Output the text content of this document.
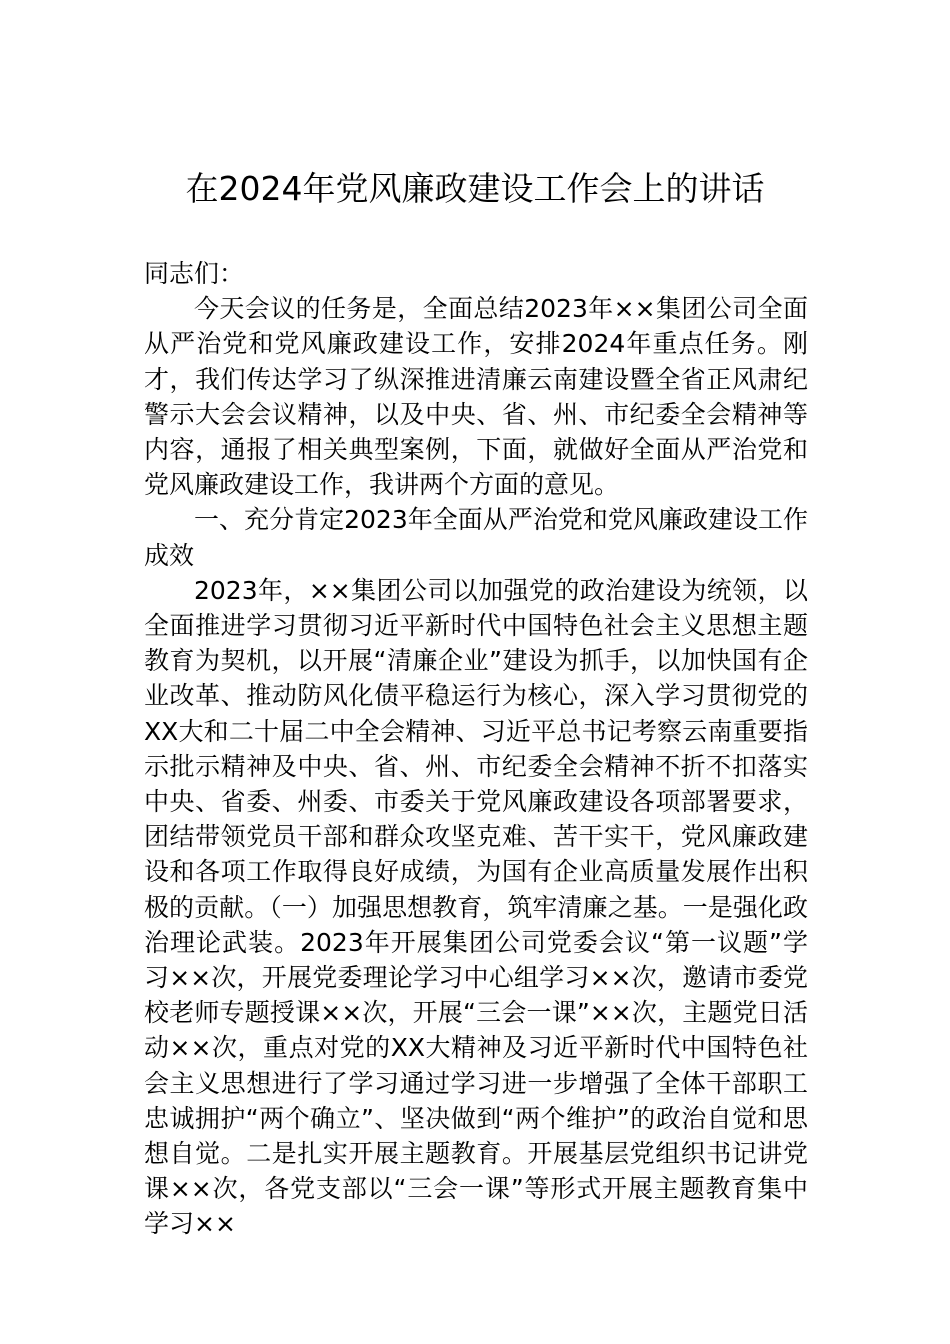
在2024年党风廉政建设工作会上的讲话

同志们：

今天会议的任务是，全面总结2023年××集团公司全面从严治党和党风廉政建设工作，安排2024年重点任务。刚才，我们传达学习了纵深推进清廉云南建设暨全省正风肃纪警示大会会议精神，以及中央、省、州、市纪委全会精神等内容，通报了相关典型案例，下面，就做好全面从严治党和党风廉政建设工作，我讲两个方面的意见。

一、充分肯定2023年全面从严治党和党风廉政建设工作成效

2023年，××集团公司以加强党的政治建设为统领，以全面推进学习贯彻习近平新时代中国特色社会主义思想主题教育为契机，以开展“清廉企业”建设为抓手，以加快国有企业改革、推动防风化债平稳运行为核心，深入学习贯彻党的XX大和二十届二中全会精神、习近平总书记考察云南重要指示批示精神及中央、省、州、市纪委全会精神不折不扣落实中央、省委、州委、市委关于党风廉政建设各项部署要求，团结带领党员干部和群众攻坚克难、苦干实干，党风廉政建设和各项工作取得良好成绩，为国有企业高质量发展作出积极的贡献。（一）加强思想教育，筑牢清廉之基。一是强化政治理论武装。2023年开展集团公司党委会议“第一议题”学习××次，开展党委理论学习中心组学习××次，邀请市委党校老师专题授课××次，开展“三会一课”××次，主题党日活动××次，重点对党的XX大精神及习近平新时代中国特色社会主义思想进行了学习通过学习进一步增强了全体干部职工忠诚拥护“两个确立”、坚决做到“两个维护”的政治自觉和思想自觉。二是扎实开展主题教育。开展基层党组织书记讲党课××次，各党支部以“三会一课”等形式开展主题教育集中学习××
